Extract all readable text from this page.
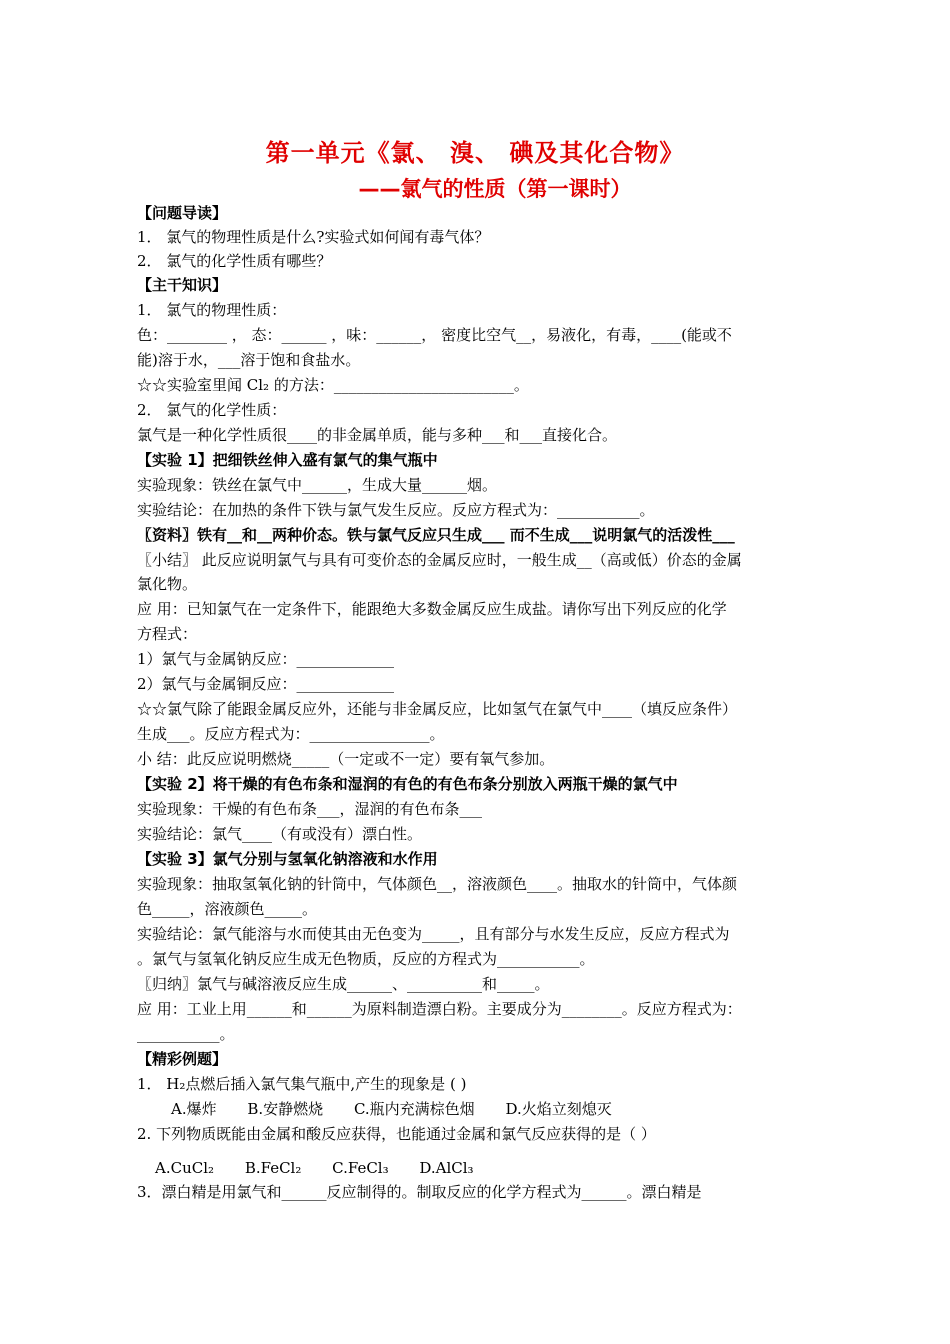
第一单元《氯、 溴、 碘及其化合物》
——氯气的性质（第一课时）
【问题导读】
1． 氯气的物理性质是什么?实验式如何闻有毒气体？
2． 氯气的化学性质有哪些？
【主干知识】
1． 氯气的物理性质：
色：________ ， 态：______ ，味：______， 密度比空气__，易液化，有毒，____(能或不
能)溶于水，___溶于饱和食盐水。
☆☆实验室里闻 Cl₂ 的方法：________________________。
2． 氯气的化学性质：
氯气是一种化学性质很____的非金属单质，能与多种___和___直接化合。
【实验 1】把细铁丝伸入盛有氯气的集气瓶中
实验现象：铁丝在氯气中______，生成大量______烟。
实验结论：在加热的条件下铁与氯气发生反应。反应方程式为：___________。
〖资料〗铁有__和__两种价态。铁与氯气反应只生成___ 而不生成___说明氯气的活泼性___
〖小结〗 此反应说明氯气与具有可变价态的金属反应时，一般生成__（高或低）价态的金属
氯化物。
应 用：已知氯气在一定条件下，能跟绝大多数金属反应生成盐。请你写出下列反应的化学
方程式：
1）氯气与金属钠反应：_____________
2）氯气与金属铜反应：_____________
☆☆氯气除了能跟金属反应外，还能与非金属反应，比如氢气在氯气中____（填反应条件）
生成___。反应方程式为：________________。
小 结：此反应说明燃烧_____（一定或不一定）要有氧气参加。
【实验 2】将干燥的有色布条和湿润的有色的有色布条分别放入两瓶干燥的氯气中
实验现象：干燥的有色布条___，湿润的有色布条___
实验结论：氯气____（有或没有）漂白性。
【实验 3】氯气分别与氢氧化钠溶液和水作用
实验现象：抽取氢氧化钠的针筒中，气体颜色__，溶液颜色____。抽取水的针筒中，气体颜
色_____，溶液颜色_____。
实验结论：氯气能溶与水而使其由无色变为_____，且有部分与水发生反应，反应方程式为
。氯气与氢氧化钠反应生成无色物质，反应的方程式为___________。
〖归纳〗氯气与碱溶液反应生成______、__________和_____。
应 用：工业上用______和______为原料制造漂白粉。主要成分为________。反应方程式为：
___________。
【精彩例题】
1． H₂点燃后插入氯气集气瓶中,产生的现象是 ( )
A.爆炸 B.安静燃烧 C.瓶内充满棕色烟 D.火焰立刻熄灭
2. 下列物质既能由金属和酸反应获得，也能通过金属和氯气反应获得的是（ ）
A.CuCl₂ B.FeCl₂ C.FeCl₃ D.AlCl₃
3．漂白精是用氯气和______反应制得的。制取反应的化学方程式为______。漂白精是
